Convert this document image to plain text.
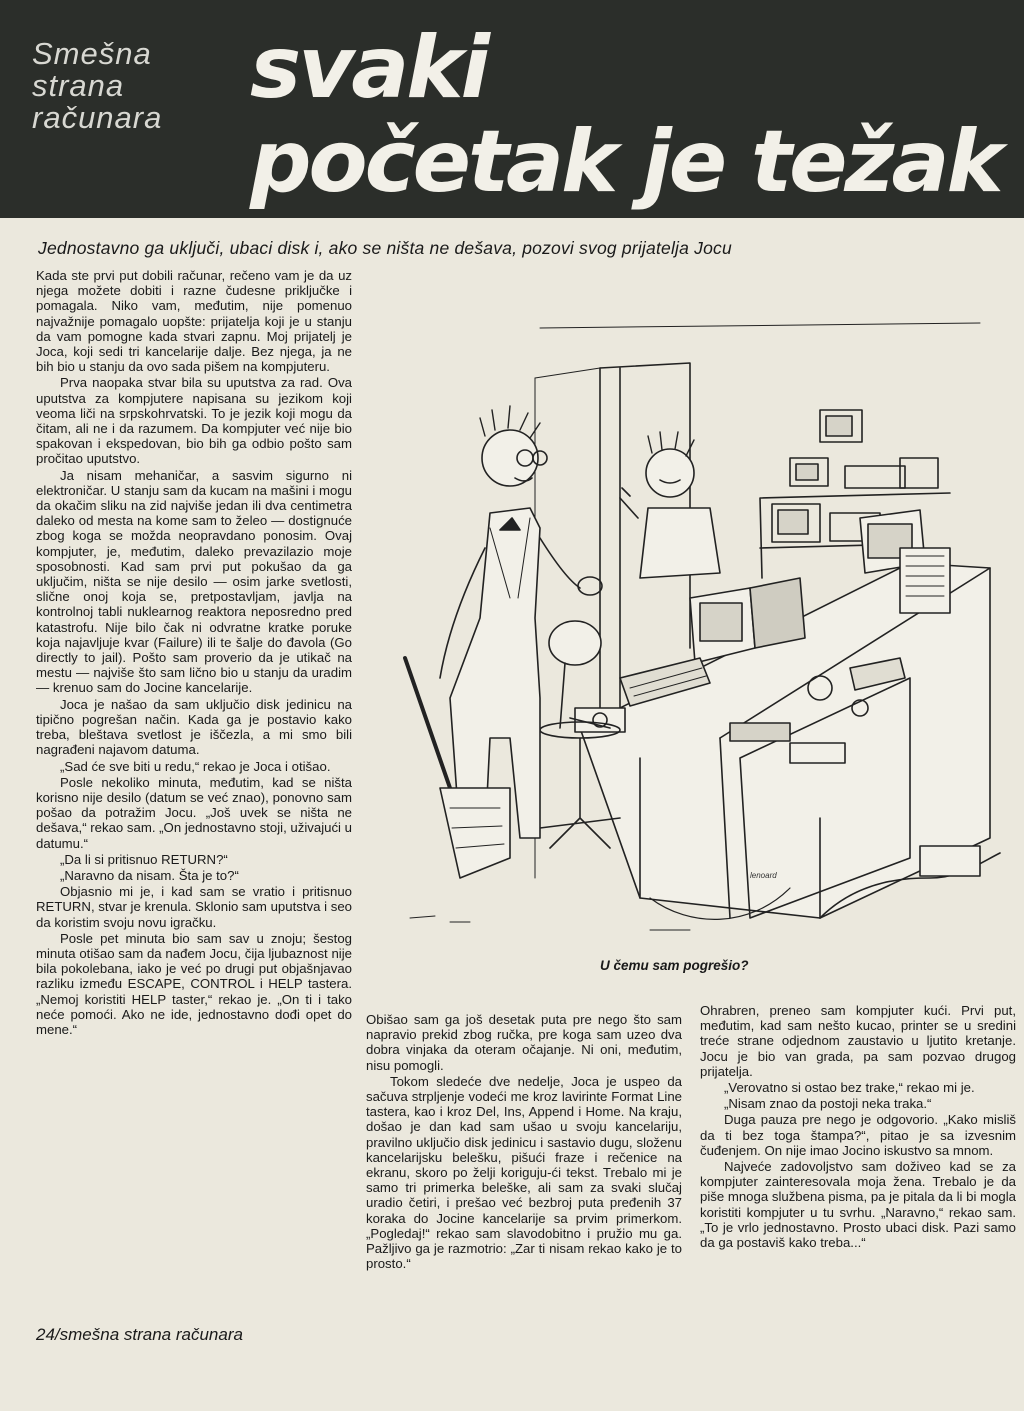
Smešna
strana
računara svaki
početak je težak

Jednostavno ga uključi, ubaci disk i, ako se ništa ne dešava, pozovi svog prijatelja Jocu

Kada ste prvi put dobili računar, rečeno vam je da uz njega možete dobiti i razne čudesne priključke i pomagala. Niko vam, međutim, nije pomenuo najvažnije pomagalo uopšte: prijatelja koji je u stanju da vam pomogne kada stvari zapnu. Moj prijatelj je Joca, koji sedi tri kancelarije dalje. Bez njega, ja ne bih bio u stanju da ovo sada pišem na kompjuteru.

Prva naopaka stvar bila su uputstva za rad. Ova uputstva za kompjutere napisana su jezikom koji veoma liči na srpskohrvatski. To je jezik koji mogu da čitam, ali ne i da razumem. Da kompjuter već nije bio spakovan i ekspedovan, bio bih ga odbio pošto sam pročitao uputstvo.

Ja nisam mehaničar, a sasvim sigurno ni elektroničar. U stanju sam da kucam na mašini i mogu da okačim sliku na zid najviše jedan ili dva centimetra daleko od mesta na kome sam to želeo — dostignuće zbog koga se možda neopravdano ponosim. Ovaj kompjuter, je, međutim, daleko prevazilazio moje sposobnosti. Kad sam prvi put pokušao da ga uključim, ništa se nije desilo — osim jarke svetlosti, slične onoj koja se, pretpostavljam, javlja na kontrolnoj tabli nuklearnog reaktora neposredno pred katastrofu. Nije bilo čak ni odvratne kratke poruke koja najavljuje kvar (Failure) ili te šalje do đavola (Go directly to jail). Pošto sam proverio da je utikač na mestu — najviše što sam lično bio u stanju da uradim — krenuo sam do Jocine kancelarije.

Joca je našao da sam uključio disk jedinicu na tipično pogrešan način. Kada ga je postavio kako treba, bleštava svetlost je iščezla, a mi smo bili nagrađeni najavom datuma.

„Sad će sve biti u redu,“ rekao je Joca i otišao.

Posle nekoliko minuta, međutim, kad se ništa korisno nije desilo (datum se već znao), ponovno sam pošao da potražim Jocu. „Još uvek se ništa ne dešava,“ rekao sam. „On jednostavno stoji, uživajući u datumu.“

„Da li si pritisnuo RETURN?“

„Naravno da nisam. Šta je to?“

Objasnio mi je, i kad sam se vratio i pritisnuo RETURN, stvar je krenula. Sklonio sam uputstva i seo da koristim svoju novu igračku.

Posle pet minuta bio sam sav u znoju; šestog minuta otišao sam da nađem Jocu, čija ljubaznost nije bila pokolebana, iako je već po drugi put objašnjavao razliku između ESCAPE, CONTROL i HELP tastera. „Nemoj koristiti HELP taster,“ rekao je. „On ti i tako neće pomoći. Ako ne ide, jednostavno dođi opet do mene.“

lenoard

U čemu sam pogrešio?

Obišao sam ga još desetak puta pre nego što sam napravio prekid zbog ručka, pre koga sam uzeo dva dobra vinjaka da oteram očajanje. Ni oni, međutim, nisu pomogli.

Tokom sledeće dve nedelje, Joca je uspeo da sačuva strpljenje vodeći me kroz lavirinte Format Line tastera, kao i kroz Del, Ins, Append i Home. Na kraju, došao je dan kad sam ušao u svoju kancelariju, pravilno uključio disk jedinicu i sastavio dugu, složenu kancelarijsku belešku, pišući fraze i rečenice na ekranu, skoro po želji koriguju-ći tekst. Trebalo mi je samo tri primerka beleške, ali sam za svaki slučaj uradio četiri, i prešao već bezbroj puta pređenih 37 koraka do Jocine kancelarije sa prvim primerkom. „Pogledaj!“ rekao sam slavodobitno i pružio mu ga. Pažljivo ga je razmotrio: „Zar ti nisam rekao kako je to prosto.“

Ohrabren, preneo sam kompjuter kući. Prvi put, međutim, kad sam nešto kucao, printer se u sredini treće strane odjednom zaustavio u ljutito kretanje. Jocu je bio van grada, pa sam pozvao drugog prijatelja.

„Verovatno si ostao bez trake,“ rekao mi je.

„Nisam znao da postoji neka traka.“

Duga pauza pre nego je odgovorio. „Kako misliš da ti bez toga štampa?“, pitao je sa izvesnim čuđenjem. On nije imao Jocino iskustvo sa mnom.

Najveće zadovoljstvo sam doživeo kad se za kompjuter zainteresovala moja žena. Trebalo je da piše mnoga službena pisma, pa je pitala da li bi mogla koristiti kompjuter u tu svrhu. „Naravno,“ rekao sam. „To je vrlo jednostavno. Prosto ubaci disk. Pazi samo da ga postaviš kako treba...“

24/smešna strana računara
